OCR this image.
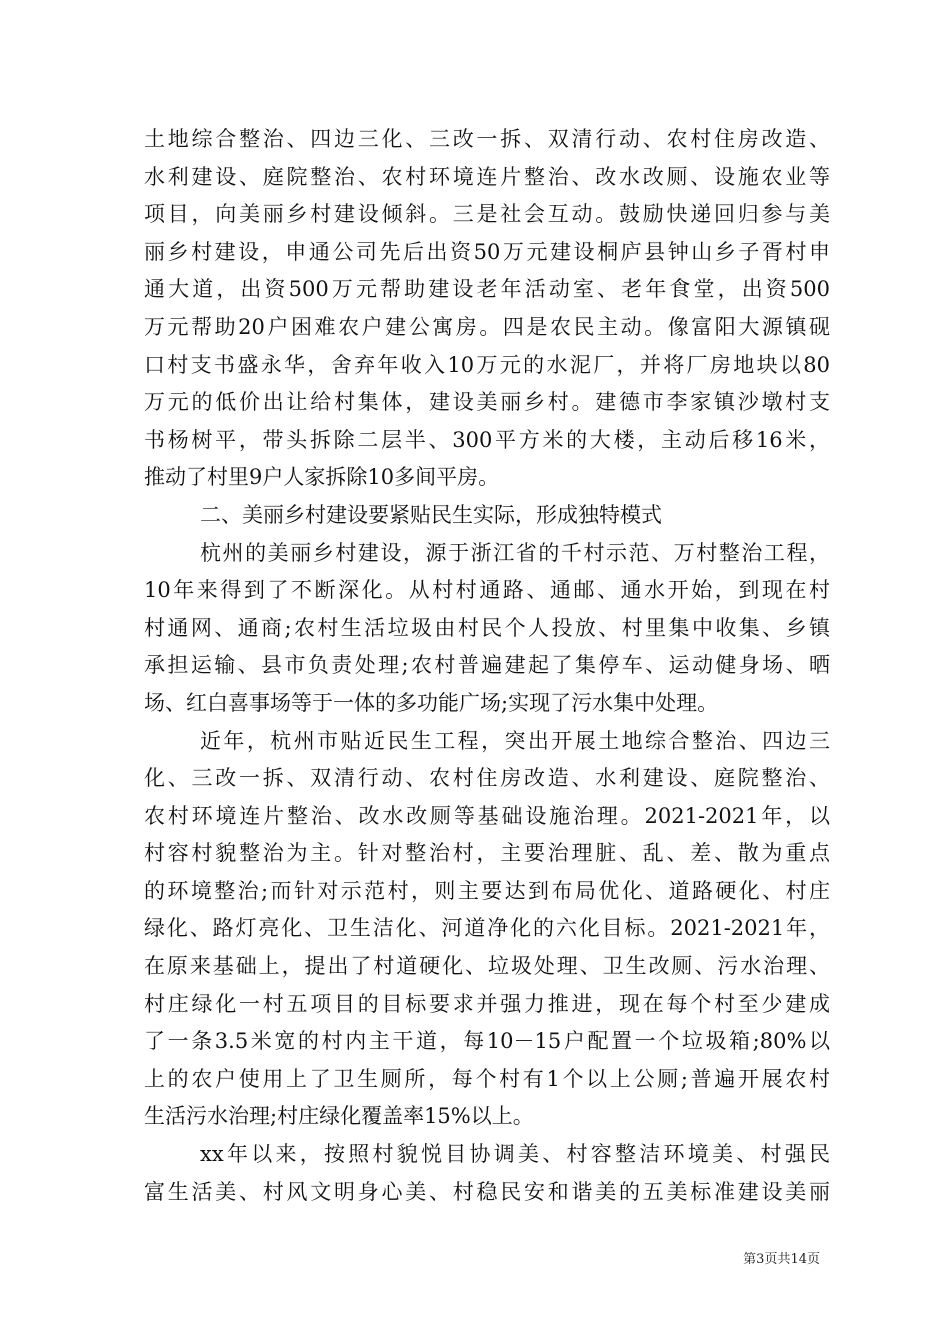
土地综合整治、四边三化、三改一拆、双清行动、农村住房改造、
水利建设、庭院整治、农村环境连片整治、改水改厕、设施农业等
项目，向美丽乡村建设倾斜。三是社会互动。鼓励快递回归参与美
丽乡村建设，申通公司先后出资50万元建设桐庐县钟山乡子胥村申
通大道，出资500万元帮助建设老年活动室、老年食堂，出资500
万元帮助20户困难农户建公寓房。四是农民主动。像富阳大源镇砚
口村支书盛永华，舍弃年收入10万元的水泥厂，并将厂房地块以80
万元的低价出让给村集体，建设美丽乡村。建德市李家镇沙墩村支
书杨树平，带头拆除二层半、300平方米的大楼，主动后移16米，
推动了村里9户人家拆除10多间平房。
二、美丽乡村建设要紧贴民生实际，形成独特模式
杭州的美丽乡村建设，源于浙江省的千村示范、万村整治工程，
10年来得到了不断深化。从村村通路、通邮、通水开始，到现在村
村通网、通商;农村生活垃圾由村民个人投放、村里集中收集、乡镇
承担运输、县市负责处理;农村普遍建起了集停车、运动健身场、晒
场、红白喜事场等于一体的多功能广场;实现了污水集中处理。
近年，杭州市贴近民生工程，突出开展土地综合整治、四边三
化、三改一拆、双清行动、农村住房改造、水利建设、庭院整治、
农村环境连片整治、改水改厕等基础设施治理。2021-2021年，以
村容村貌整治为主。针对整治村，主要治理脏、乱、差、散为重点
的环境整治;而针对示范村，则主要达到布局优化、道路硬化、村庄
绿化、路灯亮化、卫生洁化、河道净化的六化目标。2021-2021年，
在原来基础上，提出了村道硬化、垃圾处理、卫生改厕、污水治理、
村庄绿化一村五项目的目标要求并强力推进，现在每个村至少建成
了一条3.5米宽的村内主干道，每10－15户配置一个垃圾箱;80%以
上的农户使用上了卫生厕所，每个村有1个以上公厕;普遍开展农村
生活污水治理;村庄绿化覆盖率15%以上。
xx年以来，按照村貌悦目协调美、村容整洁环境美、村强民
富生活美、村风文明身心美、村稳民安和谐美的五美标准建设美丽
第3页共14页
